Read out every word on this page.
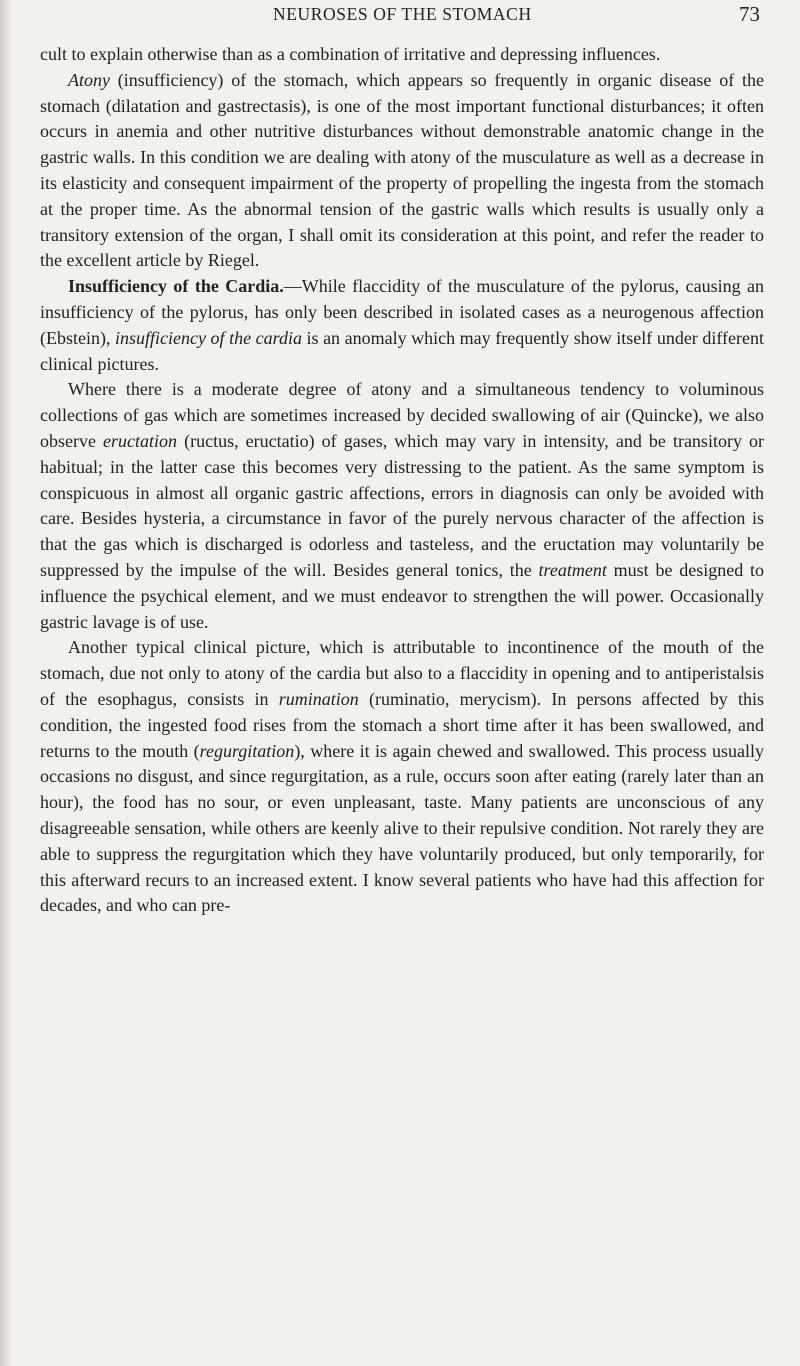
NEUROSES OF THE STOMACH	73

cult to explain otherwise than as a combination of irritative and depressing influences.

Atony (insufficiency) of the stomach, which appears so frequently in organic disease of the stomach (dilatation and gastrectasis), is one of the most important functional disturbances; it often occurs in anemia and other nutritive disturbances without demonstrable anatomic change in the gastric walls. In this condition we are dealing with atony of the musculature as well as a decrease in its elasticity and consequent impairment of the property of propelling the ingesta from the stomach at the proper time. As the abnormal tension of the gastric walls which results is usually only a transitory extension of the organ, I shall omit its consideration at this point, and refer the reader to the excellent article by Riegel.

Insufficiency of the Cardia.—While flaccidity of the musculature of the pylorus, causing an insufficiency of the pylorus, has only been described in isolated cases as a neurogenous affection (Ebstein), insufficiency of the cardia is an anomaly which may frequently show itself under different clinical pictures.

Where there is a moderate degree of atony and a simultaneous tendency to voluminous collections of gas which are sometimes increased by decided swallowing of air (Quincke), we also observe eructation (ructus, eructatio) of gases, which may vary in intensity, and be transitory or habitual; in the latter case this becomes very distressing to the patient. As the same symptom is conspicuous in almost all organic gastric affections, errors in diagnosis can only be avoided with care. Besides hysteria, a circumstance in favor of the purely nervous character of the affection is that the gas which is discharged is odorless and tasteless, and the eructation may voluntarily be suppressed by the impulse of the will. Besides general tonics, the treatment must be designed to influence the psychical element, and we must endeavor to strengthen the will power. Occasionally gastric lavage is of use.

Another typical clinical picture, which is attributable to incontinence of the mouth of the stomach, due not only to atony of the cardia but also to a flaccidity in opening and to antiperistalsis of the esophagus, consists in rumination (ruminatio, merycism). In persons affected by this condition, the ingested food rises from the stomach a short time after it has been swallowed, and returns to the mouth (regurgitation), where it is again chewed and swallowed. This process usually occasions no disgust, and since regurgitation, as a rule, occurs soon after eating (rarely later than an hour), the food has no sour, or even unpleasant, taste. Many patients are unconscious of any disagreeable sensation, while others are keenly alive to their repulsive condition. Not rarely they are able to suppress the regurgitation which they have voluntarily produced, but only temporarily, for this afterward recurs to an increased extent. I know several patients who have had this affection for decades, and who can pre-
